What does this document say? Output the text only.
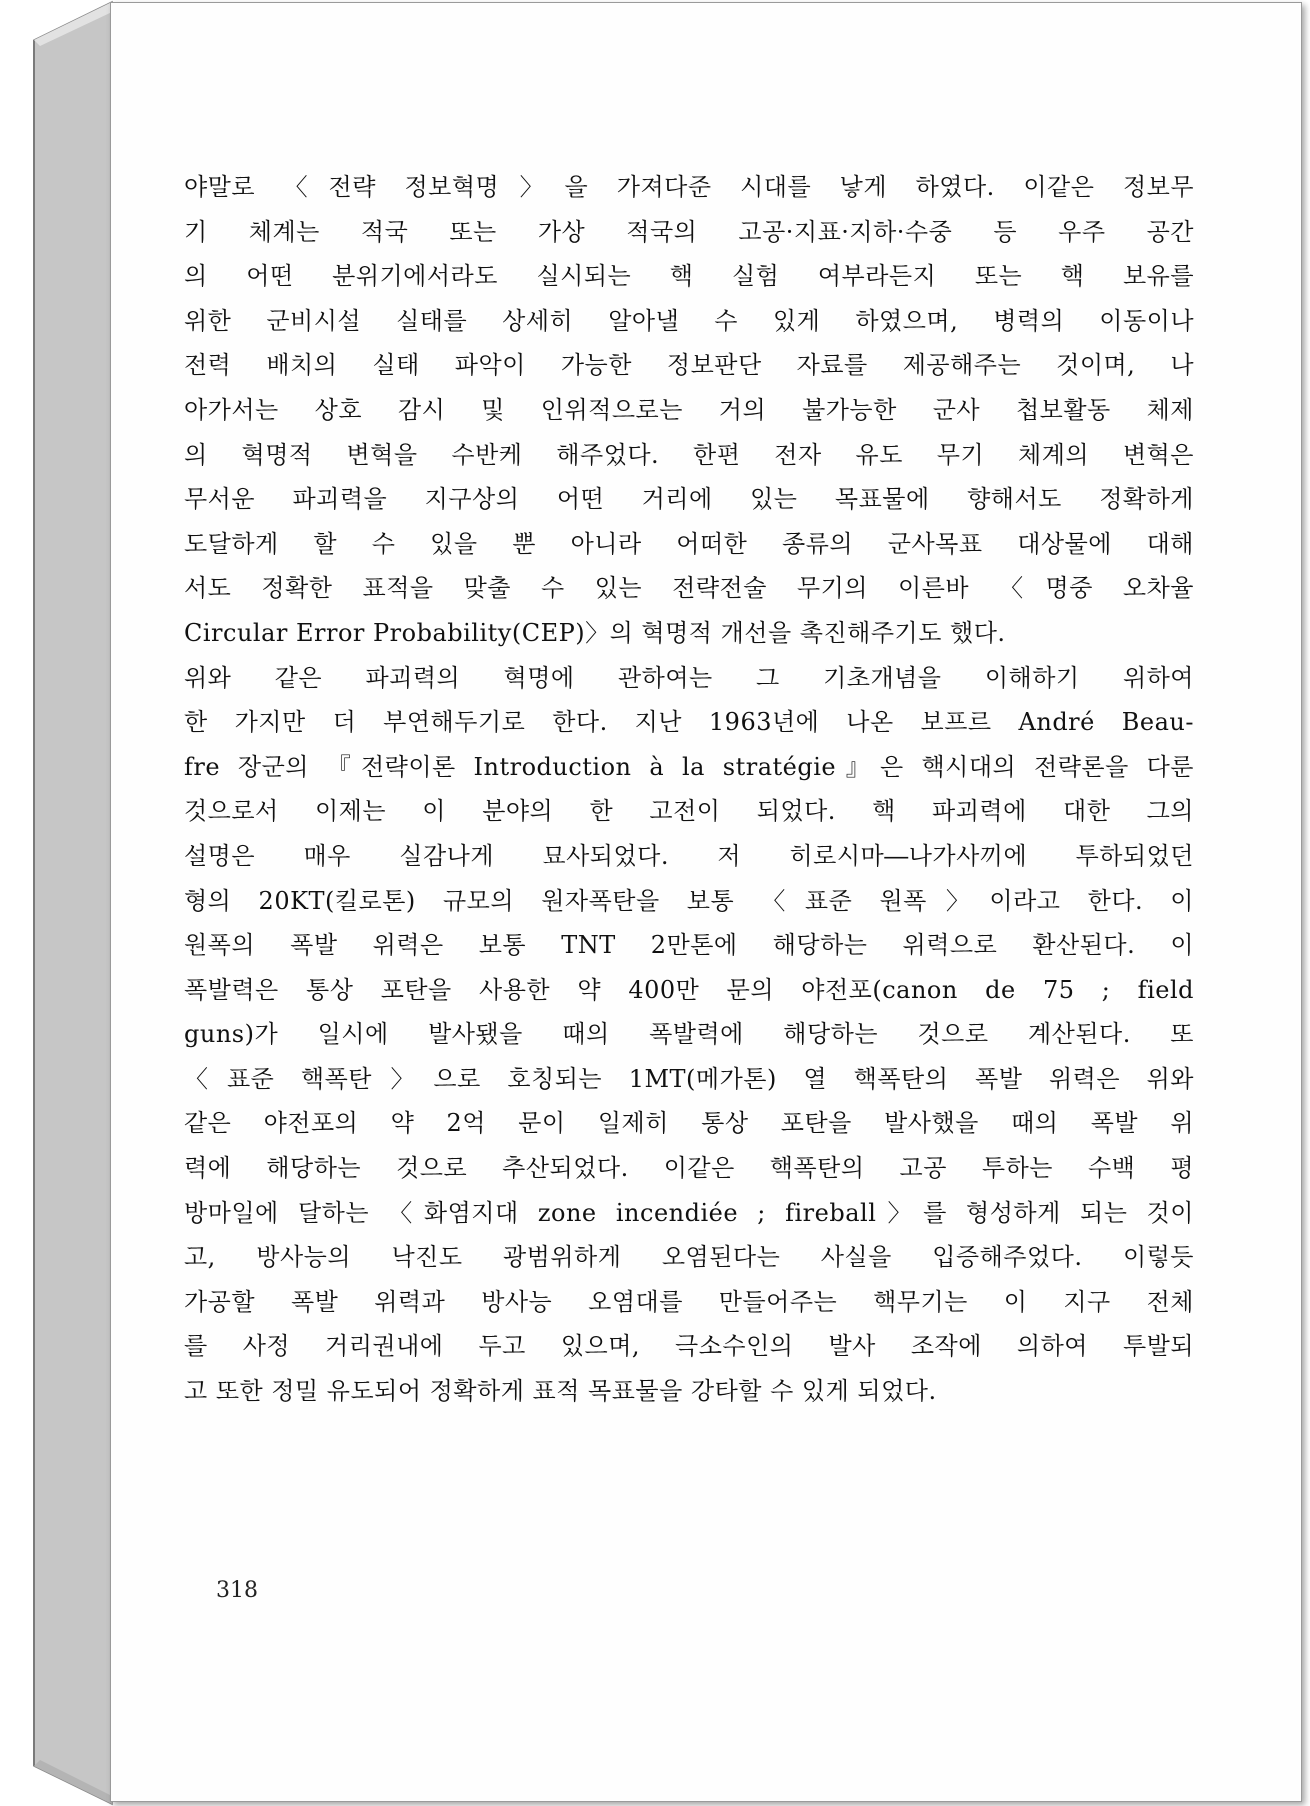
야말로 〈전략 정보혁명〉을 가져다준 시대를 낳게 하였다. 이같은 정보무
기 체계는 적국 또는 가상 적국의 고공·지표·지하·수중 등 우주 공간
의 어떤 분위기에서라도 실시되는 핵 실험 여부라든지 또는 핵 보유를
위한 군비시설 실태를 상세히 알아낼 수 있게 하였으며, 병력의 이동이나
전력 배치의 실태 파악이 가능한 정보판단 자료를 제공해주는 것이며, 나
아가서는 상호 감시 및 인위적으로는 거의 불가능한 군사 첩보활동 체제
의 혁명적 변혁을 수반케 해주었다. 한편 전자 유도 무기 체계의 변혁은
무서운 파괴력을 지구상의 어떤 거리에 있는 목표물에 향해서도 정확하게
도달하게 할 수 있을 뿐 아니라 어떠한 종류의 군사목표 대상물에 대해
서도 정확한 표적을 맞출 수 있는 전략전술 무기의 이른바 〈명중 오차율
Circular Error Probability(CEP)〉의 혁명적 개선을 촉진해주기도 했다.
위와 같은 파괴력의 혁명에 관하여는 그 기초개념을 이해하기 위하여
한 가지만 더 부연해두기로 한다. 지난 1963년에 나온 보프르 André Beau-
fre 장군의 『전략이론 Introduction à la stratégie』은 핵시대의 전략론을 다룬
것으로서 이제는 이 분야의 한 고전이 되었다. 핵 파괴력에 대한 그의
설명은 매우 실감나게 묘사되었다. 저 히로시마―나가사끼에 투하되었던
형의 20KT(킬로톤) 규모의 원자폭탄을 보통 〈표준 원폭〉이라고 한다. 이
원폭의 폭발 위력은 보통 TNT 2만톤에 해당하는 위력으로 환산된다. 이
폭발력은 통상 포탄을 사용한 약 400만 문의 야전포(canon de 75 ; field
guns)가 일시에 발사됐을 때의 폭발력에 해당하는 것으로 계산된다. 또
〈표준 핵폭탄〉으로 호칭되는 1MT(메가톤) 열 핵폭탄의 폭발 위력은 위와
같은 야전포의 약 2억 문이 일제히 통상 포탄을 발사했을 때의 폭발 위
력에 해당하는 것으로 추산되었다. 이같은 핵폭탄의 고공 투하는 수백 평
방마일에 달하는 〈화염지대 zone incendiée ; fireball〉를 형성하게 되는 것이
고, 방사능의 낙진도 광범위하게 오염된다는 사실을 입증해주었다. 이렇듯
가공할 폭발 위력과 방사능 오염대를 만들어주는 핵무기는 이 지구 전체
를 사정 거리권내에 두고 있으며, 극소수인의 발사 조작에 의하여 투발되
고 또한 정밀 유도되어 정확하게 표적 목표물을 강타할 수 있게 되었다.
318
